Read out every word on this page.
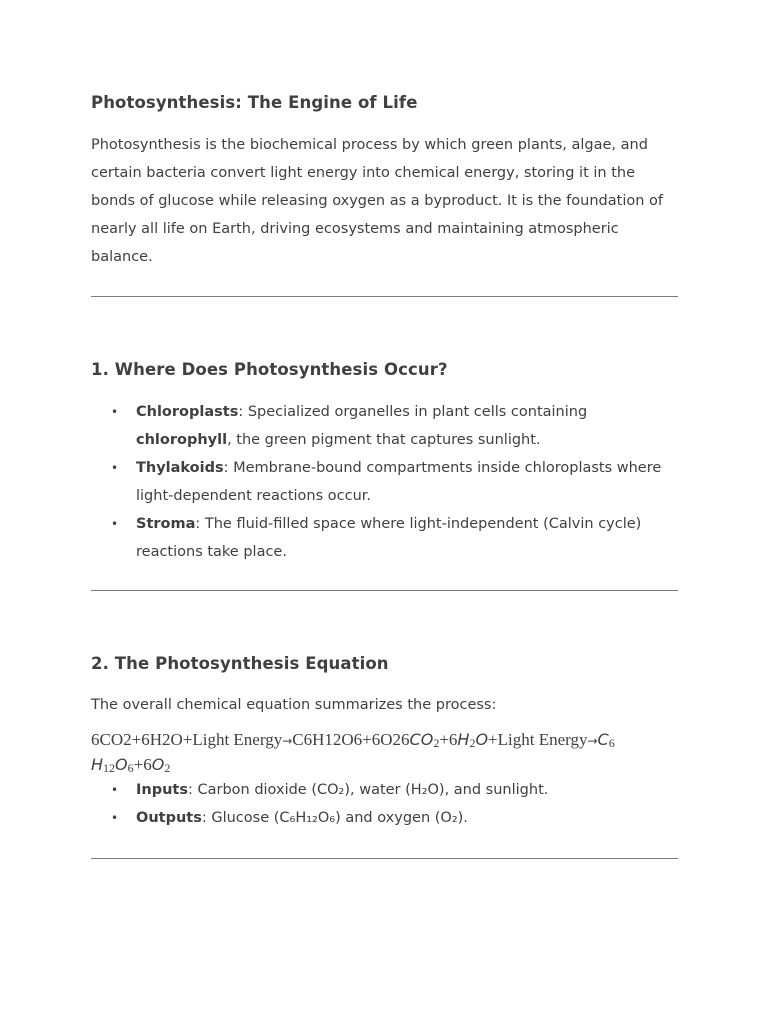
Photosynthesis: The Engine of Life

Photosynthesis is the biochemical process by which green plants, algae, and certain bacteria convert light energy into chemical energy, storing it in the bonds of glucose while releasing oxygen as a byproduct. It is the foundation of nearly all life on Earth, driving ecosystems and maintaining atmospheric balance.

1. Where Does Photosynthesis Occur?
• Chloroplasts: Specialized organelles in plant cells containing chlorophyll, the green pigment that captures sunlight.
• Thylakoids: Membrane-bound compartments inside chloroplasts where light-dependent reactions occur.
• Stroma: The fluid-filled space where light-independent (Calvin cycle) reactions take place.
2. The Photosynthesis Equation

The overall chemical equation summarizes the process:

6CO2+6H2O+Light Energy→C6H12O6+6O26CO2+6H2O+Light Energy→C6
H12O6+6O2
• Inputs: Carbon dioxide (CO₂), water (H₂O), and sunlight.
• Outputs: Glucose (C₆H₁₂O₆) and oxygen (O₂).
